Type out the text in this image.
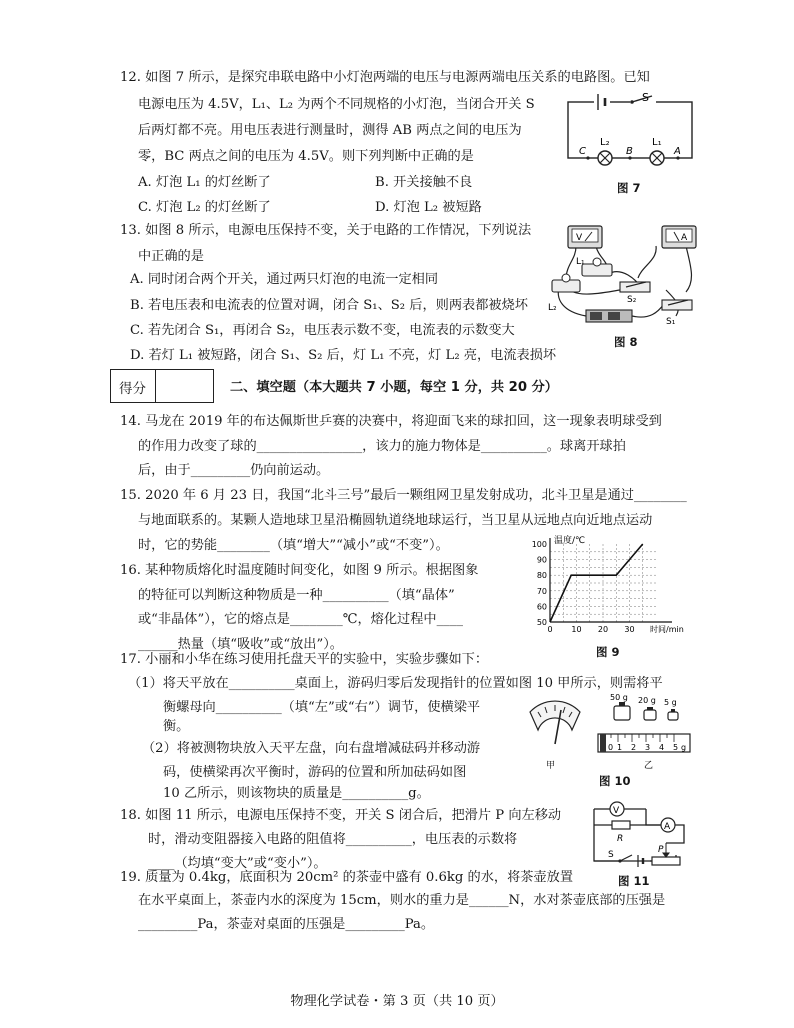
12. 如图 7 所示，是探究串联电路中小灯泡两端的电压与电源两端电压关系的电路图。已知
电源电压为 4.5V，L₁、L₂ 为两个不同规格的小灯泡，当闭合开关 S
后两灯都不亮。用电压表进行测量时，测得 AB 两点之间的电压为
零，BC 两点之间的电压为 4.5V。则下列判断中正确的是
A. 灯泡 L₁ 的灯丝断了	B. 开关接触不良
C. 灯泡 L₂ 的灯丝断了	D. 灯泡 L₂ 被短路
S
L₂	L₁
C	B	A
图 7
13. 如图 8 所示，电源电压保持不变，关于电路的工作情况，下列说法
中正确的是
A. 同时闭合两个开关，通过两只灯泡的电流一定相同
B. 若电压表和电流表的位置对调，闭合 S₁、S₂ 后，则两表都被烧坏
C. 若先闭合 S₁，再闭合 S₂，电压表示数不变，电流表的示数变大
D. 若灯 L₁ 被短路，闭合 S₁、S₂ 后，灯 L₁ 不亮，灯 L₂ 亮，电流表损坏
V	A
L₁
L₂
S₂
S₁
图 8
得分	二、填空题（本大题共 7 小题，每空 1 分，共 20 分）
14. 马龙在 2019 年的布达佩斯世乒赛的决赛中，将迎面飞来的球扣回，这一现象表明球受到
的作用力改变了球的________________，该力的施力物体是__________。球离开球拍
后，由于_________仍向前运动。
15. 2020 年 6 月 23 日，我国“北斗三号”最后一颗组网卫星发射成功，北斗卫星是通过________
与地面联系的。某颗人造地球卫星沿椭圆轨道绕地球运行，当卫星从远地点向近地点运动
时，它的势能________（填“增大”“减小”或“不变”）。
16. 某种物质熔化时温度随时间变化，如图 9 所示。根据图象
的特征可以判断这种物质是一种__________（填“晶体”
或“非晶体”），它的熔点是________℃，熔化过程中____
______热量（填“吸收”或“放出”）。
50
60
70
80
90
100
0 10 20 30
温度/℃
时间/min
图 9
17. 小丽和小华在练习使用托盘天平的实验中，实验步骤如下：
（1）将天平放在__________桌面上，游码归零后发现指针的位置如图 10 甲所示，则需将平
衡螺母向__________（填“左”或“右”）调节，使横梁平
衡。
（2）将被测物块放入天平左盘，向右盘增减砝码并移动游
码，使横梁再次平衡时，游码的位置和所加砝码如图
10 乙所示，则该物块的质量是__________g。
50 g 20 g 5 g
0 1 2 3 4 5 g
甲	乙
图 10
18. 如图 11 所示，电源电压保持不变，开关 S 闭合后，把滑片 P 向左移动
时，滑动变阻器接入电路的阻值将__________，电压表的示数将
____（均填“变大”或“变小”）。
V
A
R
S	P
图 11
19. 质量为 0.4kg，底面积为 20cm² 的茶壶中盛有 0.6kg 的水，将茶壶放置
在水平桌面上，茶壶内水的深度为 15cm，则水的重力是______N，水对茶壶底部的压强是
_________Pa，茶壶对桌面的压强是_________Pa。
物理化学试卷・第 3 页（共 10 页）
